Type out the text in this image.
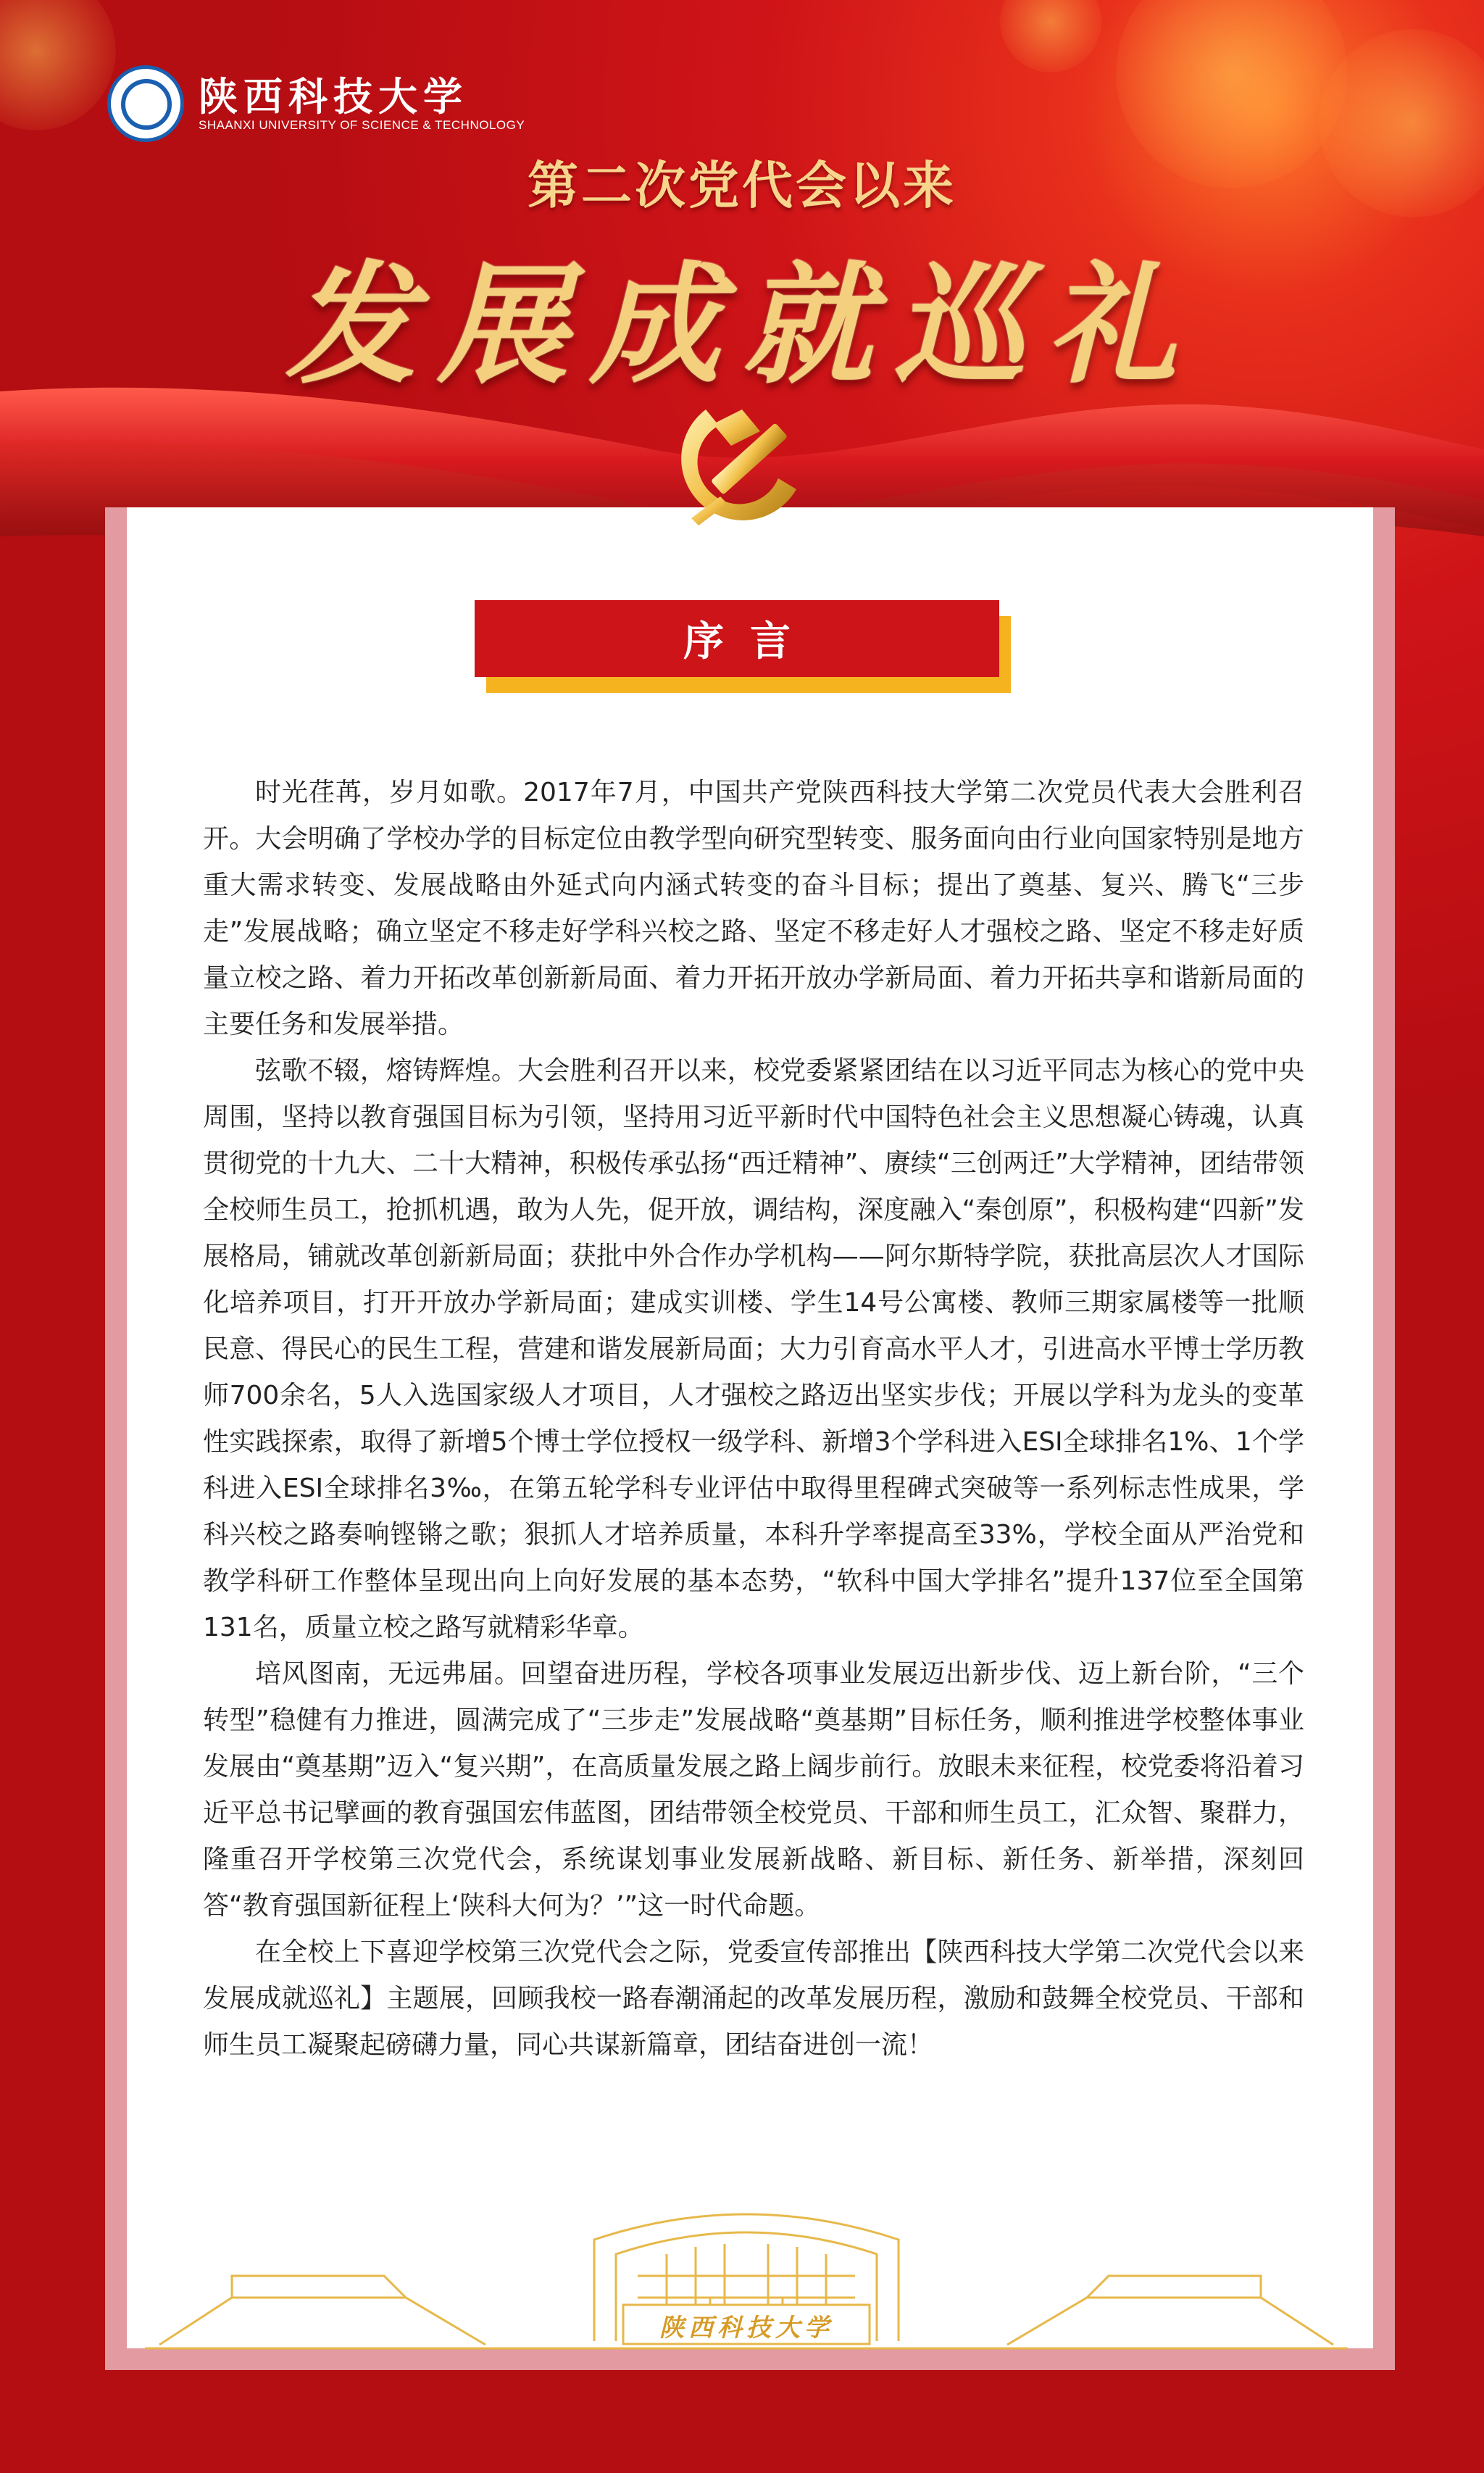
陕西科技大学
SHAANXI UNIVERSITY OF SCIENCE & TECHNOLOGY
第二次党代会以来
发展成就巡礼
序言

时光荏苒，岁月如歌。2017年7月，中国共产党陕西科技大学第二次党员代表大会胜利召开。大会明确了学校办学的目标定位由教学型向研究型转变、服务面向由行业向国家特别是地方重大需求转变、发展战略由外延式向内涵式转变的奋斗目标；提出了奠基、复兴、腾飞“三步走”发展战略；确立坚定不移走好学科兴校之路、坚定不移走好人才强校之路、坚定不移走好质量立校之路、着力开拓改革创新新局面、着力开拓开放办学新局面、着力开拓共享和谐新局面的主要任务和发展举措。

弦歌不辍，熔铸辉煌。大会胜利召开以来，校党委紧紧团结在以习近平同志为核心的党中央周围，坚持以教育强国目标为引领，坚持用习近平新时代中国特色社会主义思想凝心铸魂，认真贯彻党的十九大、二十大精神，积极传承弘扬“西迁精神”、赓续“三创两迁”大学精神，团结带领全校师生员工，抢抓机遇，敢为人先，促开放，调结构，深度融入“秦创原”，积极构建“四新”发展格局，铺就改革创新新局面；获批中外合作办学机构——阿尔斯特学院，获批高层次人才国际化培养项目，打开开放办学新局面；建成实训楼、学生14号公寓楼、教师三期家属楼等一批顺民意、得民心的民生工程，营建和谐发展新局面；大力引育高水平人才，引进高水平博士学历教师700余名，5人入选国家级人才项目，人才强校之路迈出坚实步伐；开展以学科为龙头的变革性实践探索，取得了新增5个博士学位授权一级学科、新增3个学科进入ESI全球排名1%、1个学科进入ESI全球排名3‰，在第五轮学科专业评估中取得里程碑式突破等一系列标志性成果，学科兴校之路奏响铿锵之歌；狠抓人才培养质量，本科升学率提高至33%，学校全面从严治党和教学科研工作整体呈现出向上向好发展的基本态势，“软科中国大学排名”提升137位至全国第131名，质量立校之路写就精彩华章。

培风图南，无远弗届。回望奋进历程，学校各项事业发展迈出新步伐、迈上新台阶，“三个转型”稳健有力推进，圆满完成了“三步走”发展战略“奠基期”目标任务，顺利推进学校整体事业发展由“奠基期”迈入“复兴期”，在高质量发展之路上阔步前行。放眼未来征程，校党委将沿着习近平总书记擘画的教育强国宏伟蓝图，团结带领全校党员、干部和师生员工，汇众智、聚群力，隆重召开学校第三次党代会，系统谋划事业发展新战略、新目标、新任务、新举措，深刻回答“教育强国新征程上‘陕科大何为？’”这一时代命题。

在全校上下喜迎学校第三次党代会之际，党委宣传部推出【陕西科技大学第二次党代会以来发展成就巡礼】主题展，回顾我校一路春潮涌起的改革发展历程，激励和鼓舞全校党员、干部和师生员工凝聚起磅礴力量，同心共谋新篇章，团结奋进创一流！

陕西科技大学
